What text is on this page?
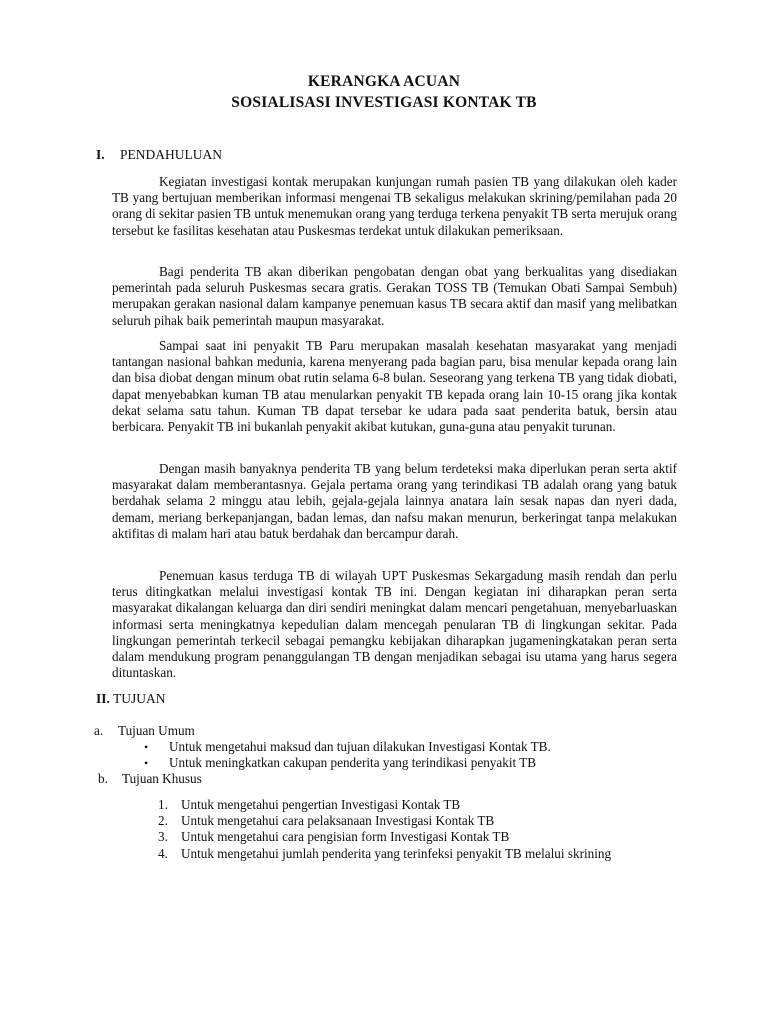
KERANGKA ACUAN
SOSIALISASI INVESTIGASI KONTAK TB
I. PENDAHULUAN

Kegiatan investigasi kontak merupakan kunjungan rumah pasien TB yang dilakukan oleh kader TB yang bertujuan memberikan informasi mengenai TB sekaligus melakukan skrining/pemilahan pada 20 orang di sekitar pasien TB untuk menemukan orang yang terduga terkena penyakit TB serta merujuk orang tersebut ke fasilitas kesehatan atau Puskesmas terdekat untuk dilakukan pemeriksaan.

Bagi penderita TB akan diberikan pengobatan dengan obat yang berkualitas yang disediakan pemerintah pada seluruh Puskesmas secara gratis. Gerakan TOSS TB (Temukan Obati Sampai Sembuh) merupakan gerakan nasional dalam kampanye penemuan kasus TB secara aktif dan masif yang melibatkan seluruh pihak baik pemerintah maupun masyarakat.

Sampai saat ini penyakit TB Paru merupakan masalah kesehatan masyarakat yang menjadi tantangan nasional bahkan medunia, karena menyerang pada bagian paru, bisa menular kepada orang lain dan bisa diobat dengan minum obat rutin selama 6-8 bulan. Seseorang yang terkena TB yang tidak diobati, dapat menyebabkan kuman TB atau menularkan penyakit TB kepada orang lain 10-15 orang jika kontak dekat selama satu tahun. Kuman TB dapat tersebar ke udara pada saat penderita batuk, bersin atau berbicara. Penyakit TB ini bukanlah penyakit akibat kutukan, guna-guna atau penyakit turunan.

Dengan masih banyaknya penderita TB yang belum terdeteksi maka diperlukan peran serta aktif masyarakat dalam memberantasnya. Gejala pertama orang yang terindikasi TB adalah orang yang batuk berdahak selama 2 minggu atau lebih, gejala-gejala lainnya anatara lain sesak napas dan nyeri dada, demam, meriang berkepanjangan, badan lemas, dan nafsu makan menurun, berkeringat tanpa melakukan aktifitas di malam hari atau batuk berdahak dan bercampur darah.

Penemuan kasus terduga TB di wilayah UPT Puskesmas Sekargadung masih rendah dan perlu terus ditingkatkan melalui investigasi kontak TB ini. Dengan kegiatan ini diharapkan peran serta masyarakat dikalangan keluarga dan diri sendiri meningkat dalam mencari pengetahuan, menyebarluaskan informasi serta meningkatnya kepedulian dalam mencegah penularan TB di lingkungan sekitar. Pada lingkungan pemerintah terkecil sebagai pemangku kebijakan diharapkan jugameningkatakan peran serta dalam mendukung program penanggulangan TB dengan menjadikan sebagai isu utama yang harus segera dituntaskan.

II. TUJUAN
a. Tujuan Umum
• Untuk mengetahui maksud dan tujuan dilakukan Investigasi Kontak TB.
• Untuk meningkatkan cakupan penderita yang terindikasi penyakit TB
b. Tujuan Khusus
1. Untuk mengetahui pengertian Investigasi Kontak TB
2. Untuk mengetahui cara pelaksanaan Investigasi Kontak TB
3. Untuk mengetahui cara pengisian form Investigasi Kontak TB
4. Untuk mengetahui jumlah penderita yang terinfeksi penyakit TB melalui skrining
